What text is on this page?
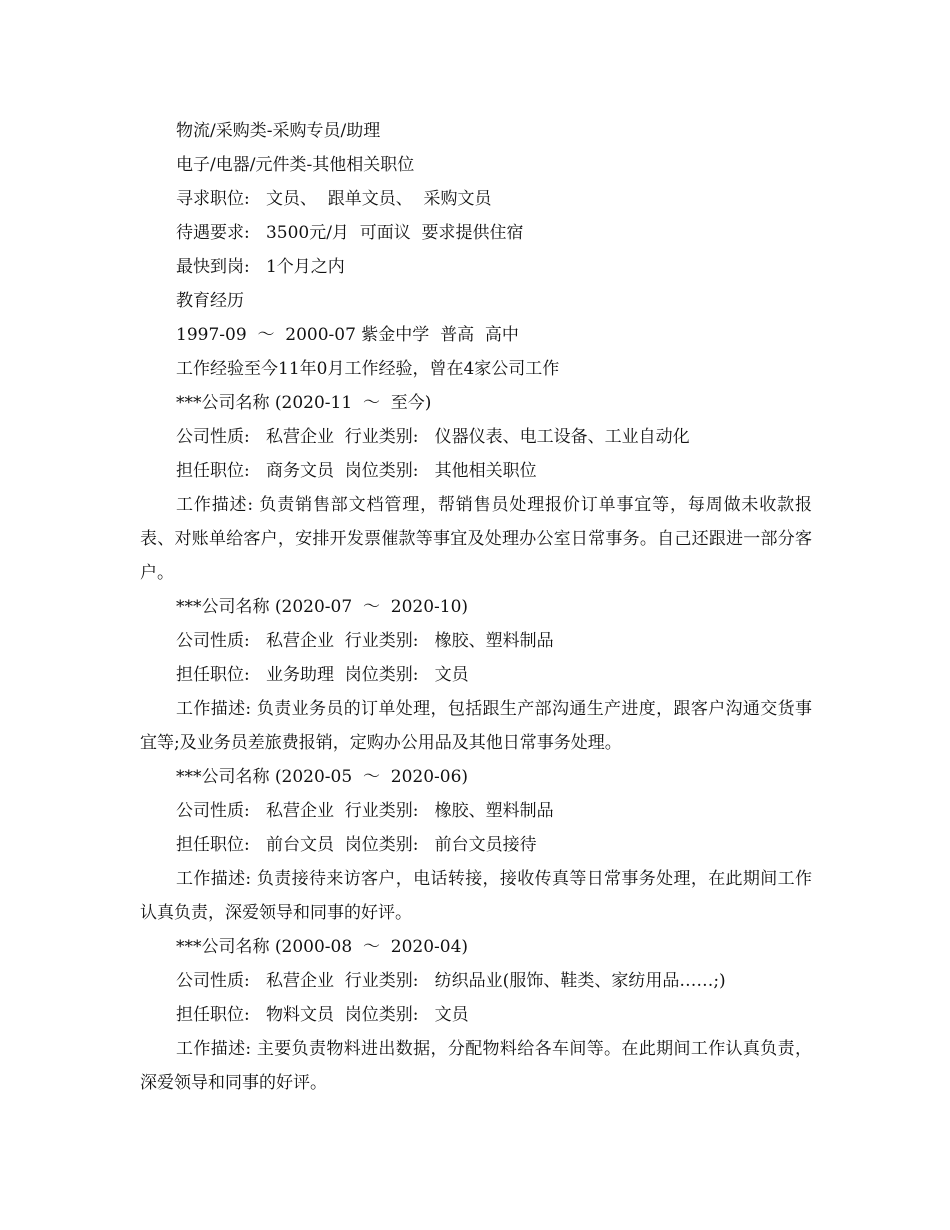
物流/采购类-采购专员/助理
电子/电器/元件类-其他相关职位
寻求职位:   文员、  跟单文员、  采购文员
待遇要求:   3500元/月  可面议  要求提供住宿
最快到岗:   1个月之内
教育经历
1997-09  ～  2000-07 紫金中学  普高  高中
工作经验至今11年0月工作经验，曾在4家公司工作
***公司名称 (2020-11  ～  至今)
公司性质:   私营企业  行业类别:   仪器仪表、电工设备、工业自动化
担任职位:   商务文员  岗位类别:   其他相关职位

工作描述: 负责销售部文档管理，帮销售员处理报价订单事宜等，每周做未收款报表、对账单给客户，安排开发票催款等事宜及处理办公室日常事务。自己还跟进一部分客户。

***公司名称 (2020-07  ～  2020-10)
公司性质:   私营企业  行业类别:   橡胶、塑料制品
担任职位:   业务助理  岗位类别:   文员

工作描述: 负责业务员的订单处理，包括跟生产部沟通生产进度，跟客户沟通交货事宜等;及业务员差旅费报销，定购办公用品及其他日常事务处理。

***公司名称 (2020-05  ～  2020-06)
公司性质:   私营企业  行业类别:   橡胶、塑料制品
担任职位:   前台文员  岗位类别:   前台文员接待

工作描述: 负责接待来访客户，电话转接，接收传真等日常事务处理，在此期间工作认真负责，深爱领导和同事的好评。

***公司名称 (2000-08  ～  2020-04)
公司性质:   私营企业  行业类别:   纺织品业(服饰、鞋类、家纺用品……;)
担任职位:   物料文员  岗位类别:   文员

工作描述: 主要负责物料进出数据，分配物料给各车间等。在此期间工作认真负责，深爱领导和同事的好评。
